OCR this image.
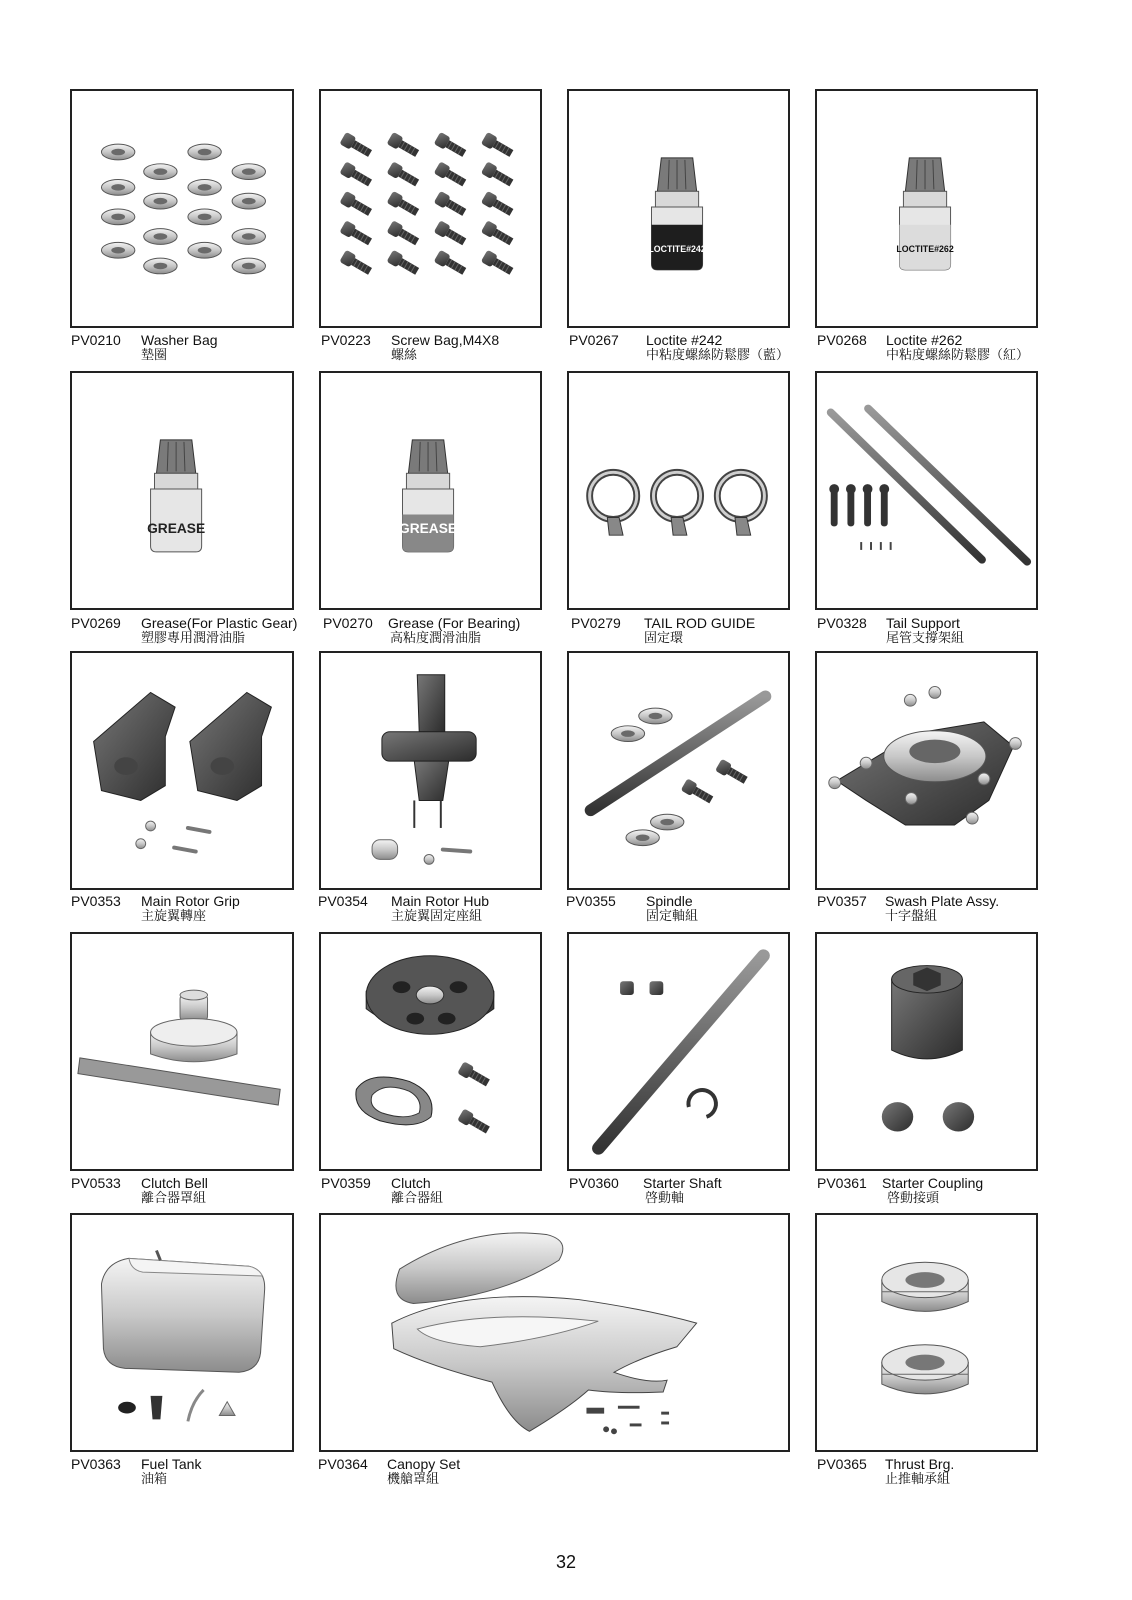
PV0210 Washer Bag
墊圈
PV0223 Screw Bag,M4X8
螺絲
LOCTITE#242
PV0267 Loctite #242
中粘度螺絲防鬆膠（藍）
LOCTITE#262
PV0268 Loctite #262
中粘度螺絲防鬆膠（紅）
GREASE
PV0269 Grease(For Plastic Gear)
塑膠專用潤滑油脂
GREASE
PV0270 Grease (For Bearing)
高粘度潤滑油脂
PV0279 TAIL ROD GUIDE
固定環
PV0328 Tail Support
尾管支撐架組
PV0353 Main Rotor Grip
主旋翼轉座
PV0354 Main Rotor Hub
主旋翼固定座組
PV0355 Spindle
固定軸組
PV0357 Swash Plate Assy.
十字盤組
PV0533 Clutch Bell
離合器罩組
PV0359 Clutch
離合器組
PV0360 Starter Shaft
啓動軸
PV0361 Starter Coupling
啓動接頭
PV0363 Fuel Tank
油箱
PV0364 Canopy Set
機艙罩組
PV0365 Thrust Brg.
止推軸承組
32
